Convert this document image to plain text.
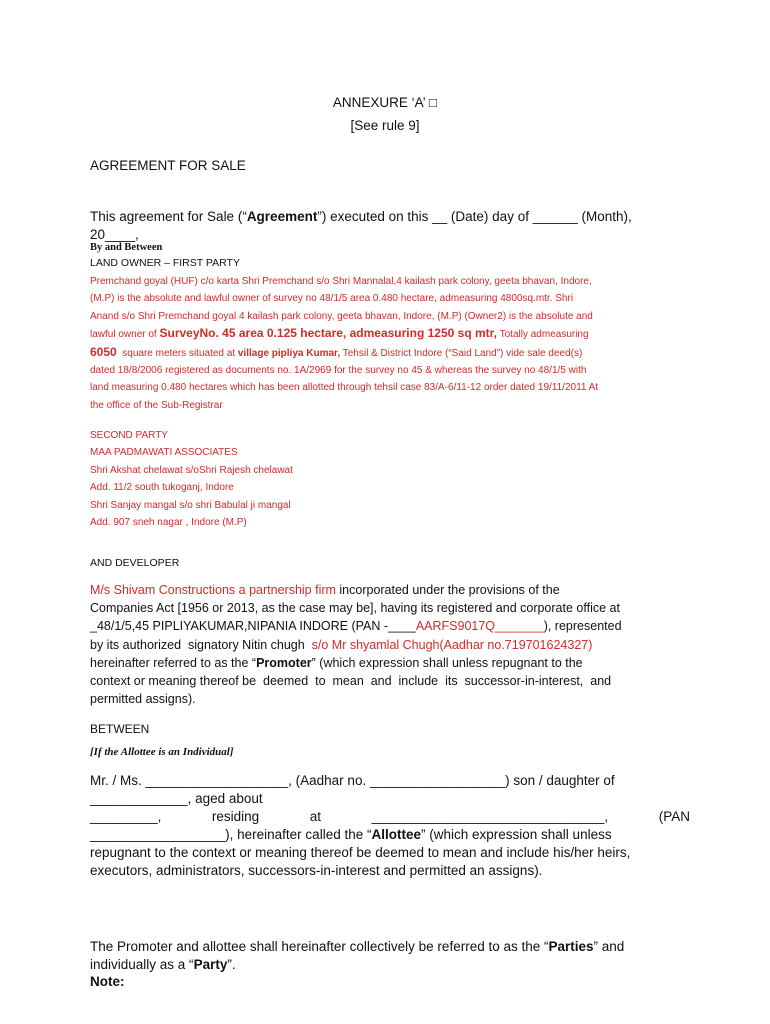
ANNEXURE ‘A’ □
[See rule 9]
AGREEMENT FOR SALE
This agreement for Sale (“Agreement”) executed on this __ (Date) day of ______ (Month),
20____,
By and Between
LAND OWNER – FIRST PARTY
Premchand goyal (HUF) c/o karta Shri Premchand s/o Shri Mannalal,4 kailash park colony, geeta bhavan, Indore,
(M.P) is the absolute and lawful owner of survey no 48/1/5 area 0.480 hectare, admeasuring 4800sq.mtr. Shri
Anand s/o Shri Premchand goyal 4 kailash park colony, geeta bhavan, Indore, (M.P) (Owner2) is the absolute and
lawful owner of SurveyNo. 45 area 0.125 hectare, admeasuring 1250 sq mtr, Totally admeasuring
6050  square meters situated at village pipliya Kumar, Tehsil & District Indore (“Said Land”) vide sale deed(s)
dated 18/8/2006 registered as documents no. 1A/2969 for the survey no 45 & whereas the survey no 48/1/5 with
land measuring 0.480 hectares which has been allotted through tehsil case 83/A-6/11-12 order dated 19/11/2011 At
the office of the Sub-Registrar
SECOND PARTY
MAA PADMAWATI ASSOCIATES
Shri Akshat chelawat s/oShri Rajesh chelawat
Add. 11/2 south tukoganj, Indore
Shri Sanjay mangal s/o shri Babulal ji mangal
Add. 907 sneh nagar , Indore (M.P)
AND DEVELOPER
M/s Shivam Constructions a partnership firm incorporated under the provisions of the
Companies Act [1956 or 2013, as the case may be], having its registered and corporate office at
_48/1/5,45 PIPLIYAKUMAR,NIPANIA INDORE (PAN -____AARFS9017Q_______), represented
by its authorized  signatory Nitin chugh  s/o Mr shyamlal Chugh(Aadhar no.719701624327)
hereinafter referred to as the “Promoter” (which expression shall unless repugnant to the
context or meaning thereof be  deemed  to  mean  and  include  its  successor-in-interest,  and
permitted assigns).
BETWEEN
[If the Allottee is an Individual]
Mr. / Ms. ___________________, (Aadhar no. __________________) son / daughter of
_____________, aged about
_________,	residing	at	_______________________________,	(PAN
__________________), hereinafter called the “Allottee” (which expression shall unless
repugnant to the context or meaning thereof be deemed to mean and include his/her heirs,
executors, administrators, successors-in-interest and permitted an assigns).
The Promoter and allottee shall hereinafter collectively be referred to as the “Parties” and
individually as a “Party”.
Note:
